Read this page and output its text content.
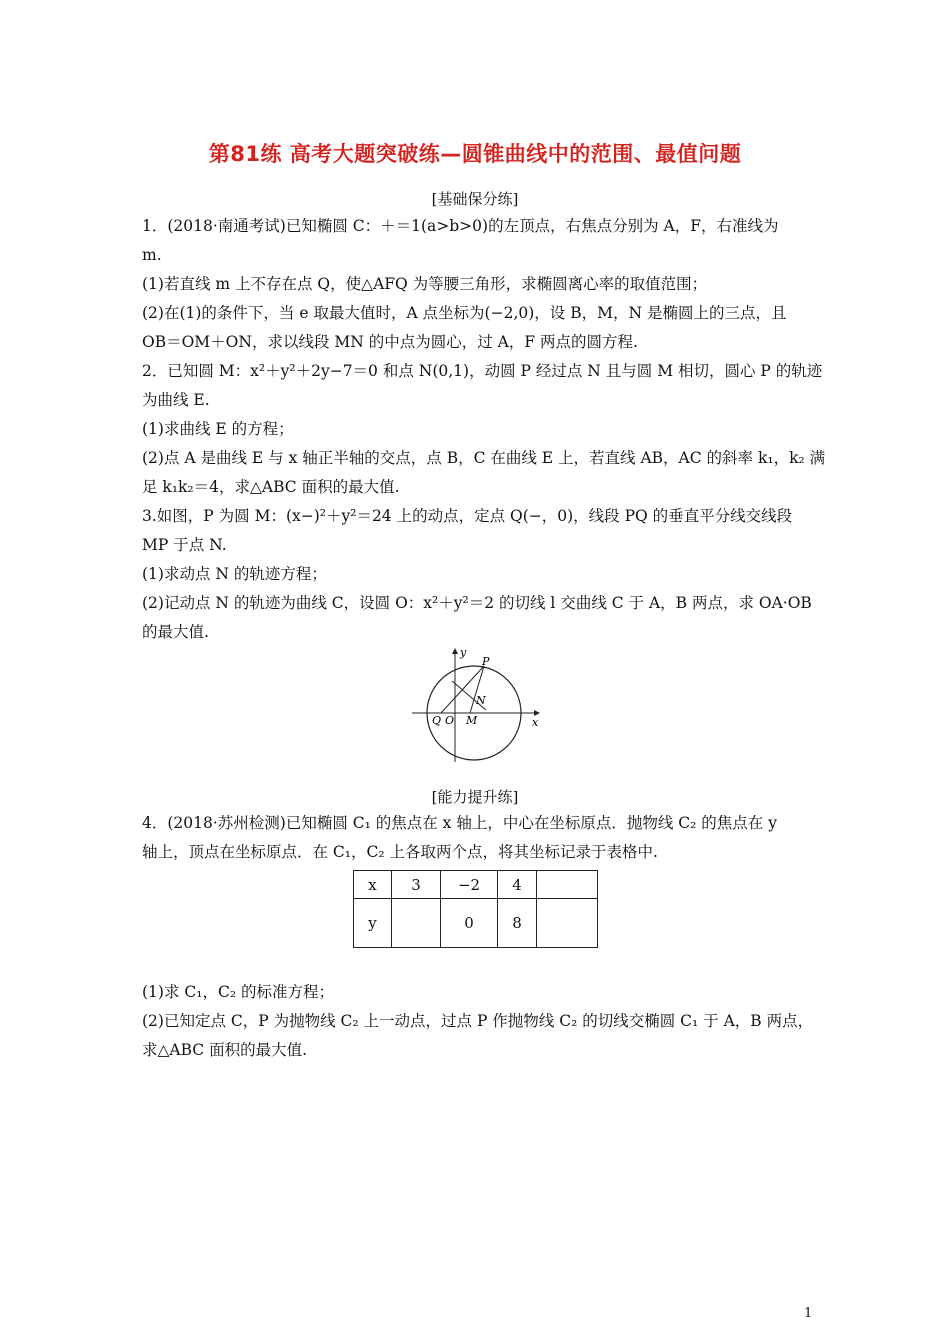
第81练 高考大题突破练—圆锥曲线中的范围、最值问题
[基础保分练]
1．(2018·南通考试)已知椭圆 C：＋＝1(a>b>0)的左顶点，右焦点分别为 A，F，右准线为
m.
(1)若直线 m 上不存在点 Q，使△AFQ 为等腰三角形，求椭圆离心率的取值范围；
(2)在(1)的条件下，当 e 取最大值时，A 点坐标为(−2,0)，设 B，M，N 是椭圆上的三点，且
OB＝OM＋ON，求以线段 MN 的中点为圆心，过 A，F 两点的圆方程.
2．已知圆 M：x²＋y²＋2y−7＝0 和点 N(0,1)，动圆 P 经过点 N 且与圆 M 相切，圆心 P 的轨迹
为曲线 E.
(1)求曲线 E 的方程；
(2)点 A 是曲线 E 与 x 轴正半轴的交点，点 B，C 在曲线 E 上，若直线 AB，AC 的斜率 k₁，k₂ 满
足 k₁k₂＝4，求△ABC 面积的最大值.
3.如图，P 为圆 M：(x−)²＋y²＝24 上的动点，定点 Q(−，0)，线段 PQ 的垂直平分线交线段
MP 于点 N.
(1)求动点 N 的轨迹方程；
(2)记动点 N 的轨迹为曲线 C，设圆 O：x²＋y²＝2 的切线 l 交曲线 C 于 A，B 两点，求 OA·OB
的最大值.
y
x
P
N
Q O M
[能力提升练]
4．(2018·苏州检测)已知椭圆 C₁ 的焦点在 x 轴上，中心在坐标原点．抛物线 C₂ 的焦点在 y
轴上，顶点在坐标原点．在 C₁，C₂ 上各取两个点，将其坐标记录于表格中.
x	3	−2	4	
y		0	8	
(1)求 C₁，C₂ 的标准方程；
(2)已知定点 C，P 为抛物线 C₂ 上一动点，过点 P 作抛物线 C₂ 的切线交椭圆 C₁ 于 A，B 两点，
求△ABC 面积的最大值.
1
